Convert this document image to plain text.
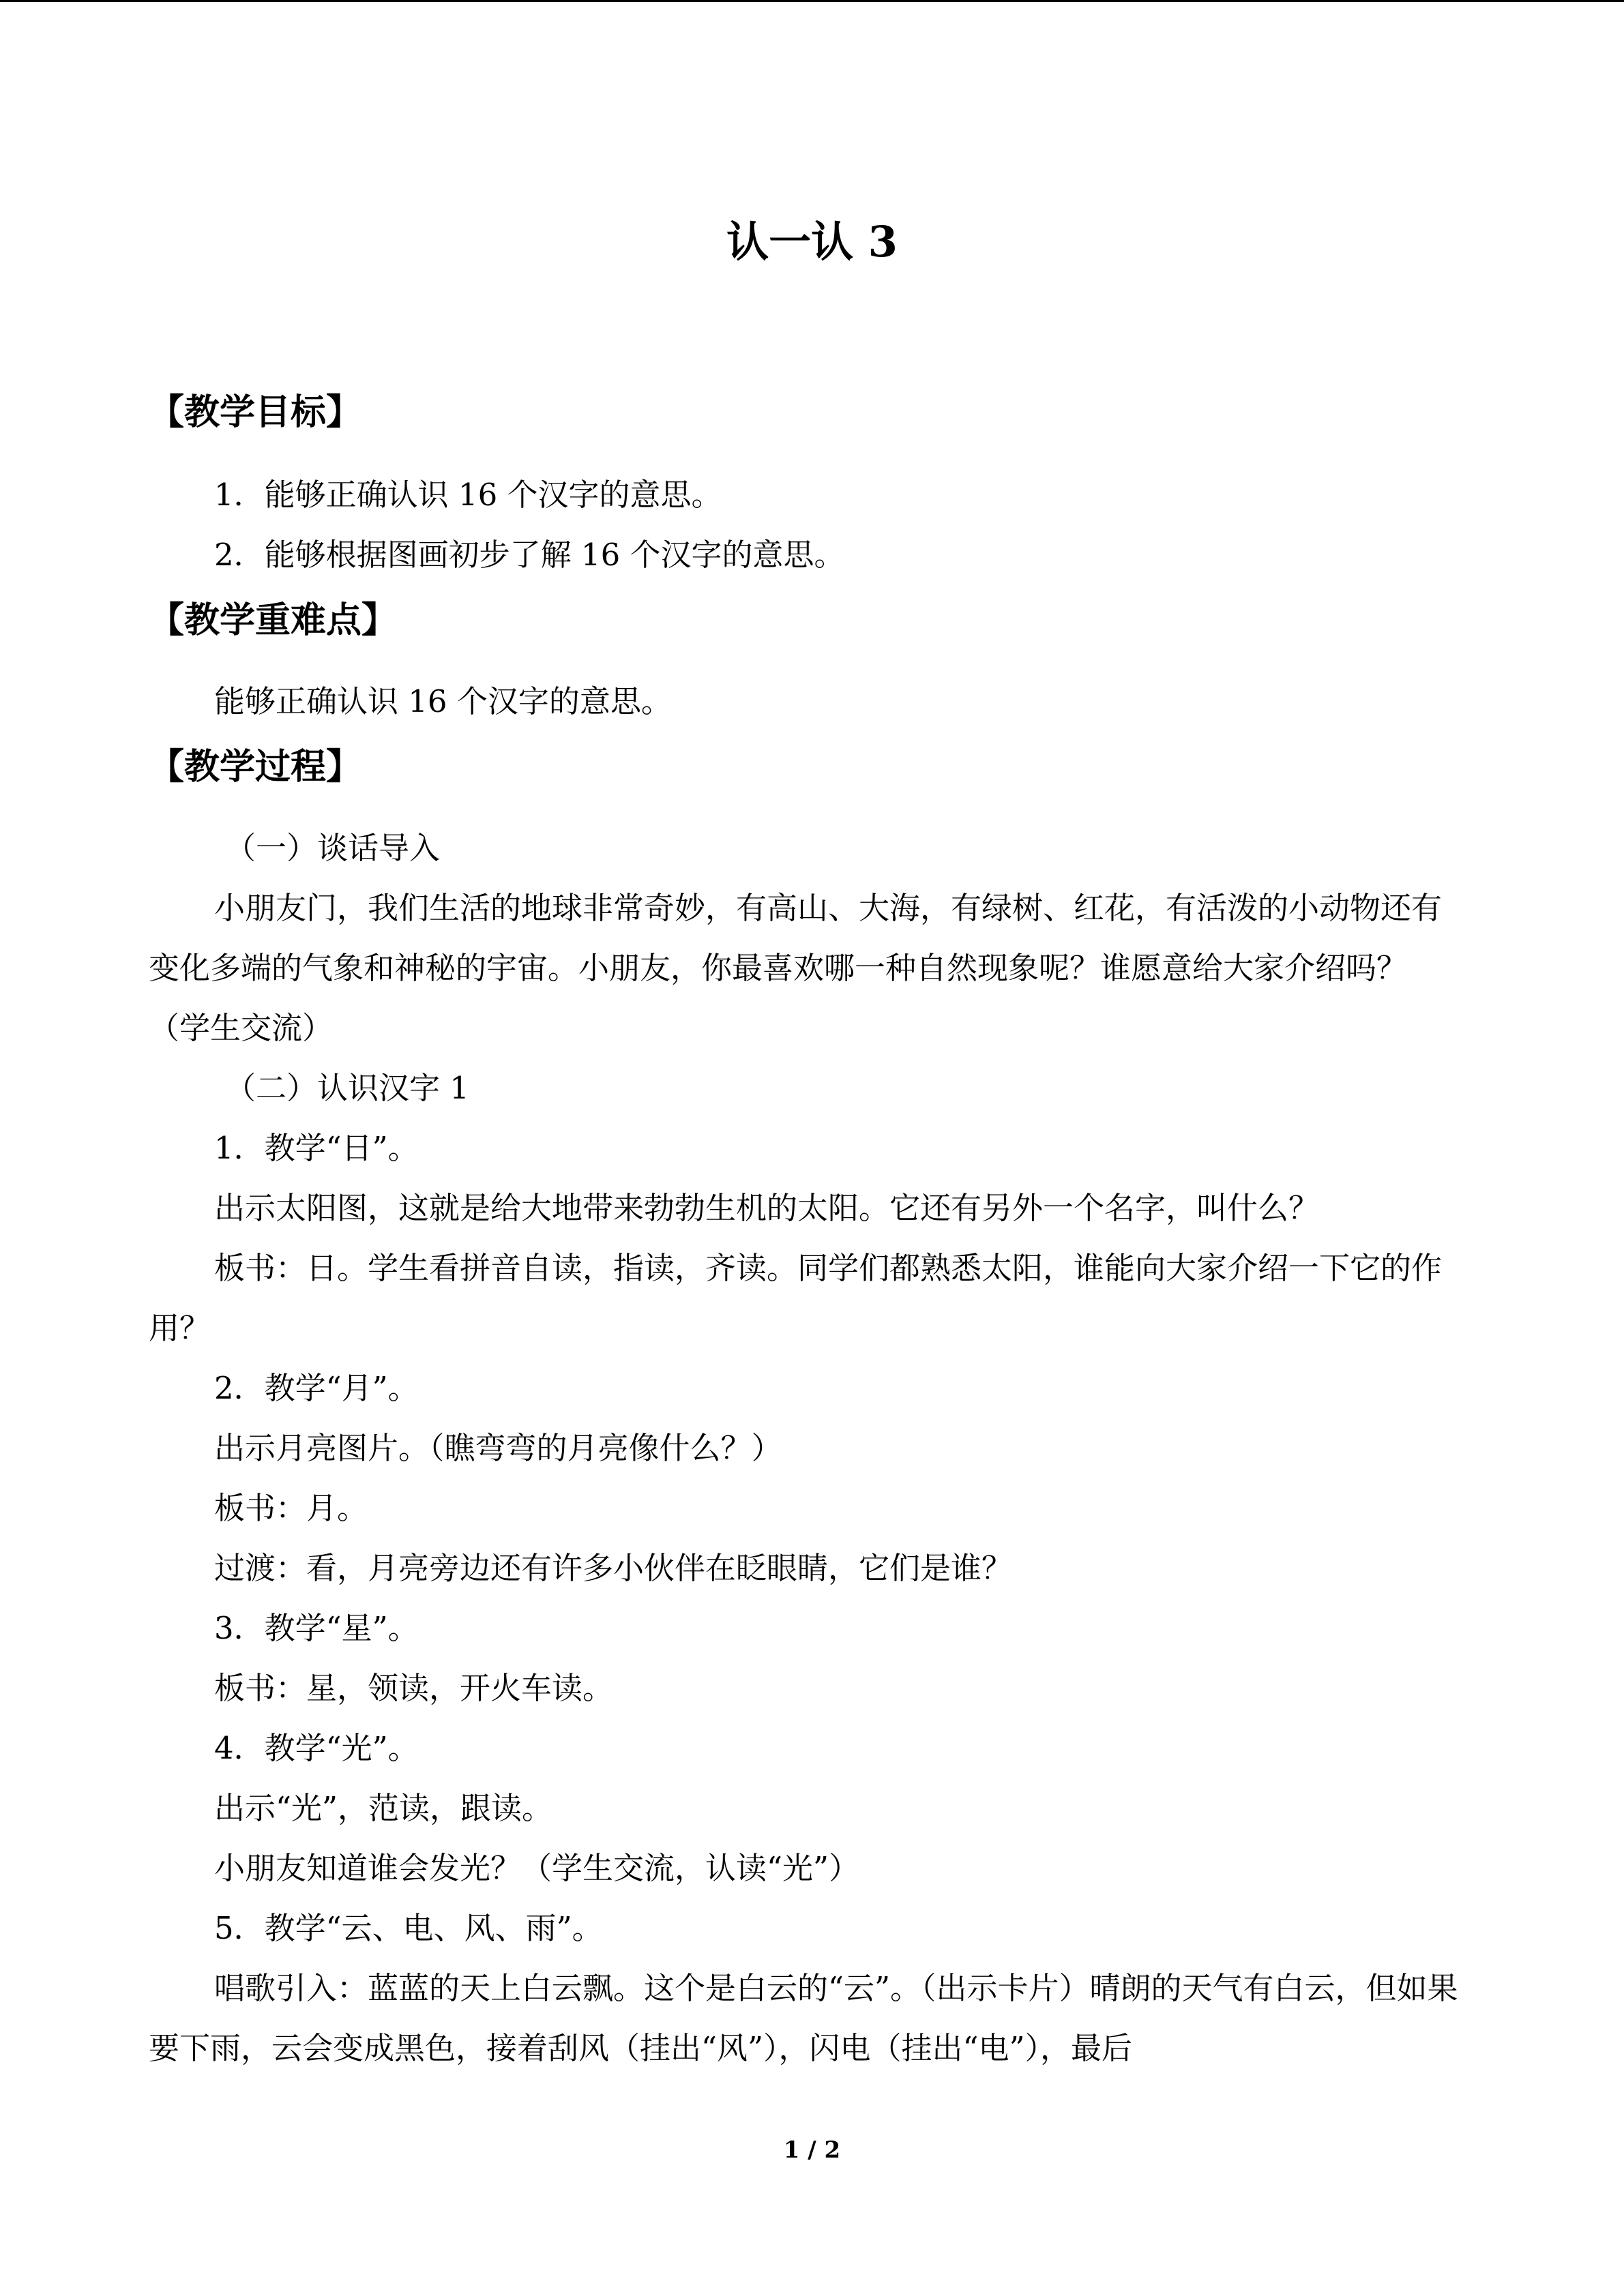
认一认 3
【教学目标】

1．能够正确认识 16 个汉字的意思。

2．能够根据图画初步了解 16 个汉字的意思。

【教学重难点】

能够正确认识 16 个汉字的意思。

【教学过程】

（一）谈话导入

小朋友门，我们生活的地球非常奇妙，有高山、大海，有绿树、红花，有活泼的小动物还有变化多端的气象和神秘的宇宙。小朋友，你最喜欢哪一种自然现象呢？谁愿意给大家介绍吗？（学生交流）

（二）认识汉字 1

1．教学“日”。

出示太阳图，这就是给大地带来勃勃生机的太阳。它还有另外一个名字，叫什么？

板书：日。学生看拼音自读，指读，齐读。同学们都熟悉太阳，谁能向大家介绍一下它的作用？

2．教学“月”。

出示月亮图片。（瞧弯弯的月亮像什么？）

板书：月。

过渡：看，月亮旁边还有许多小伙伴在眨眼睛，它们是谁？

3．教学“星”。

板书：星，领读，开火车读。

4．教学“光”。

出示“光”，范读，跟读。

小朋友知道谁会发光？（学生交流，认读“光”）

5．教学“云、电、风、雨”。

唱歌引入：蓝蓝的天上白云飘。这个是白云的“云”。（出示卡片）晴朗的天气有白云，但如果要下雨，云会变成黑色，接着刮风（挂出“风”），闪电（挂出“电”），最后

1 / 2
